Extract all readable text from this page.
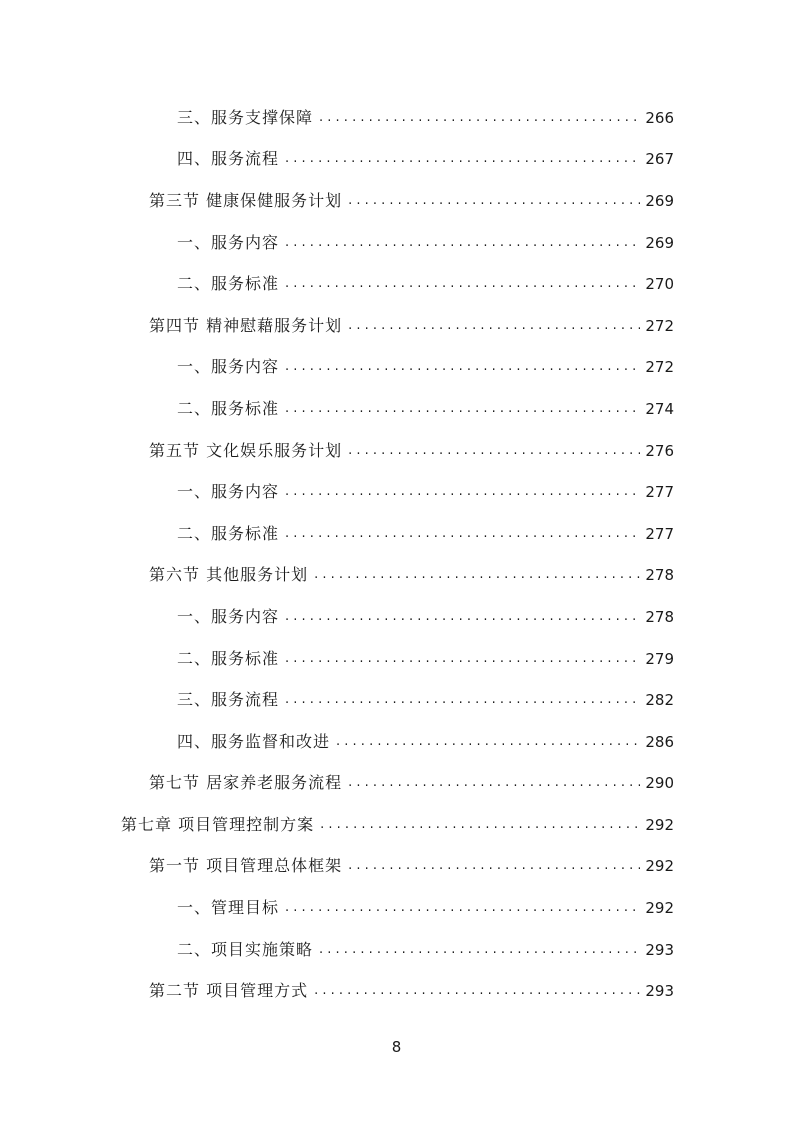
三、服务支撑保障 . . .	266
四、服务流程 . . .	267
第三节 健康保健服务计划 . . .	269
一、服务内容 . . .	269
二、服务标准 . . .	270
第四节 精神慰藉服务计划 . . .	272
一、服务内容 . . .	272
二、服务标准 . . .	274
第五节 文化娱乐服务计划 . . .	276
一、服务内容 . . .	277
二、服务标准 . . .	277
第六节 其他服务计划 . . .	278
一、服务内容 . . .	278
二、服务标准 . . .	279
三、服务流程 . . .	282
四、服务监督和改进 . . .	286
第七节 居家养老服务流程 . . .	290
第七章 项目管理控制方案 . . .	292
第一节 项目管理总体框架 . . .	292
一、管理目标 . . .	292
二、项目实施策略 . . .	293
第二节 项目管理方式 . . .	293
8
